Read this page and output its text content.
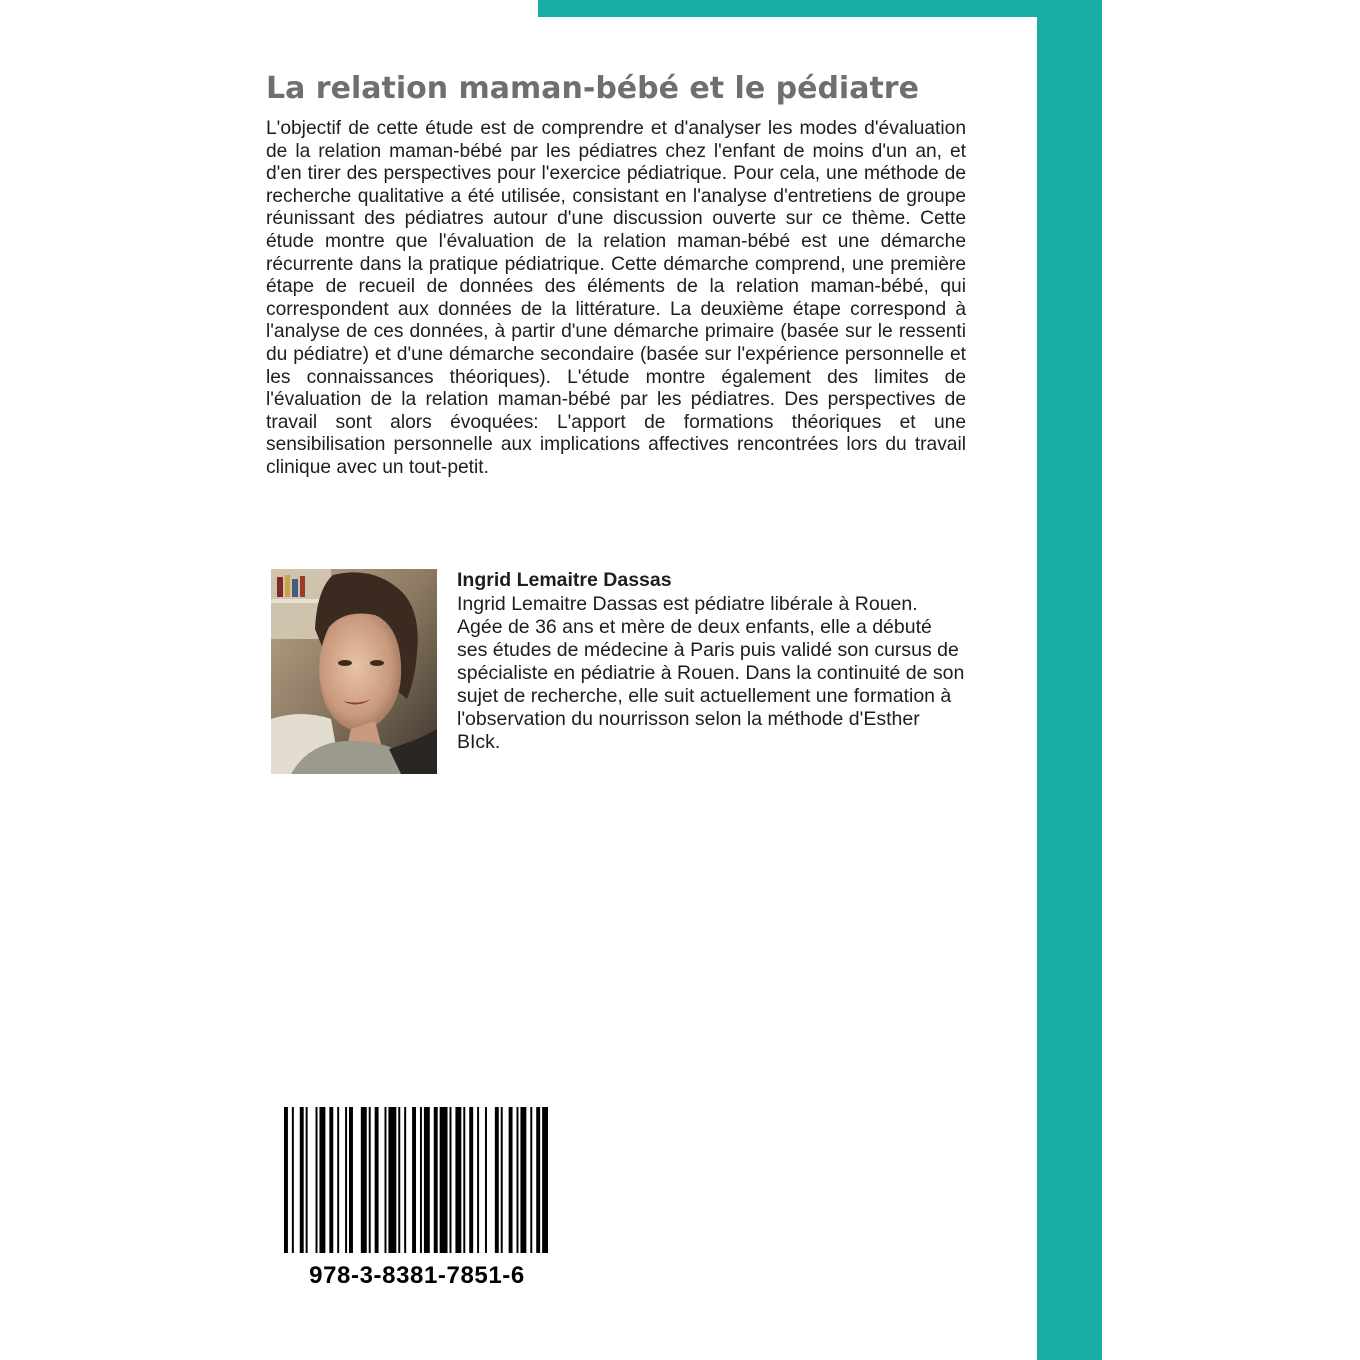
La relation maman-bébé et le pédiatre

L'objectif de cette étude est de comprendre et d'analyser les modes d'évaluation de la relation maman-bébé par les pédiatres chez l'enfant de moins d'un an, et d'en tirer des perspectives pour l'exercice pédiatrique. Pour cela, une méthode de recherche qualitative a été utilisée, consistant en l'analyse d'entretiens de groupe réunissant des pédiatres autour d'une discussion ouverte sur ce thème. Cette étude montre que l'évaluation de la relation maman-bébé est une démarche récurrente dans la pratique pédiatrique. Cette démarche comprend, une première étape de recueil de données des éléments de la relation maman-bébé, qui correspondent aux données de la littérature. La deuxième étape correspond à l'analyse de ces données, à partir d'une démarche primaire (basée sur le ressenti du pédiatre) et d'une démarche secondaire (basée sur l'expérience personnelle et les connaissances théoriques). L'étude montre également des limites de l'évaluation de la relation maman-bébé par les pédiatres. Des perspectives de travail sont alors évoquées: L'apport de formations théoriques et une sensibilisation personnelle aux implications affectives rencontrées lors du travail clinique avec un tout-petit.

Ingrid Lemaitre Dassas

Ingrid Lemaitre Dassas est pédiatre libérale à Rouen. Agée de 36 ans et mère de deux enfants, elle a débuté ses études de médecine à Paris puis validé son cursus de spécialiste en pédiatrie à Rouen. Dans la continuité de son sujet de recherche, elle suit actuellement une formation à l'observation du nourrisson selon la méthode d'Esther BIck.

978-3-8381-7851-6
